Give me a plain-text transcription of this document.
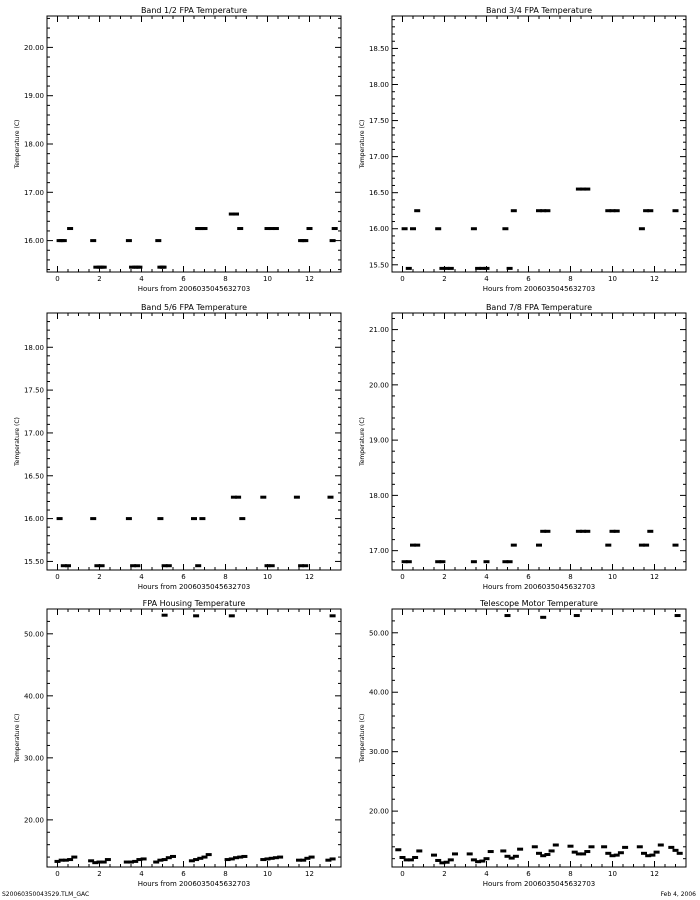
Band 1/2 FPA Temperature
Hours from 2006035045632703
Temperature (C)
0	2	4	6	8	10	12
16.00
17.00
18.00
19.00
20.00
Band 3/4 FPA Temperature
Hours from 2006035045632703
Temperature (C)
0	2	4	6	8	10	12
15.50
16.00
16.50
17.00
17.50
18.00
18.50
Band 5/6 FPA Temperature
Hours from 2006035045632703
Temperature (C)
0	2	4	6	8	10	12
15.50
16.00
16.50
17.00
17.50
18.00
Band 7/8 FPA Temperature
Hours from 2006035045632703
Temperature (C)
0	2	4	6	8	10	12
17.00
18.00
19.00
20.00
21.00
FPA Housing Temperature
Hours from 2006035045632703
Temperature (C)
0	2	4	6	8	10	12
20.00
30.00
40.00
50.00
Telescope Motor Temperature
Hours from 2006035045632703
Temperature (C)
0	2	4	6	8	10	12
20.00
30.00
40.00
50.00
S20060350043529.TLM_GAC	Feb 4, 2006
